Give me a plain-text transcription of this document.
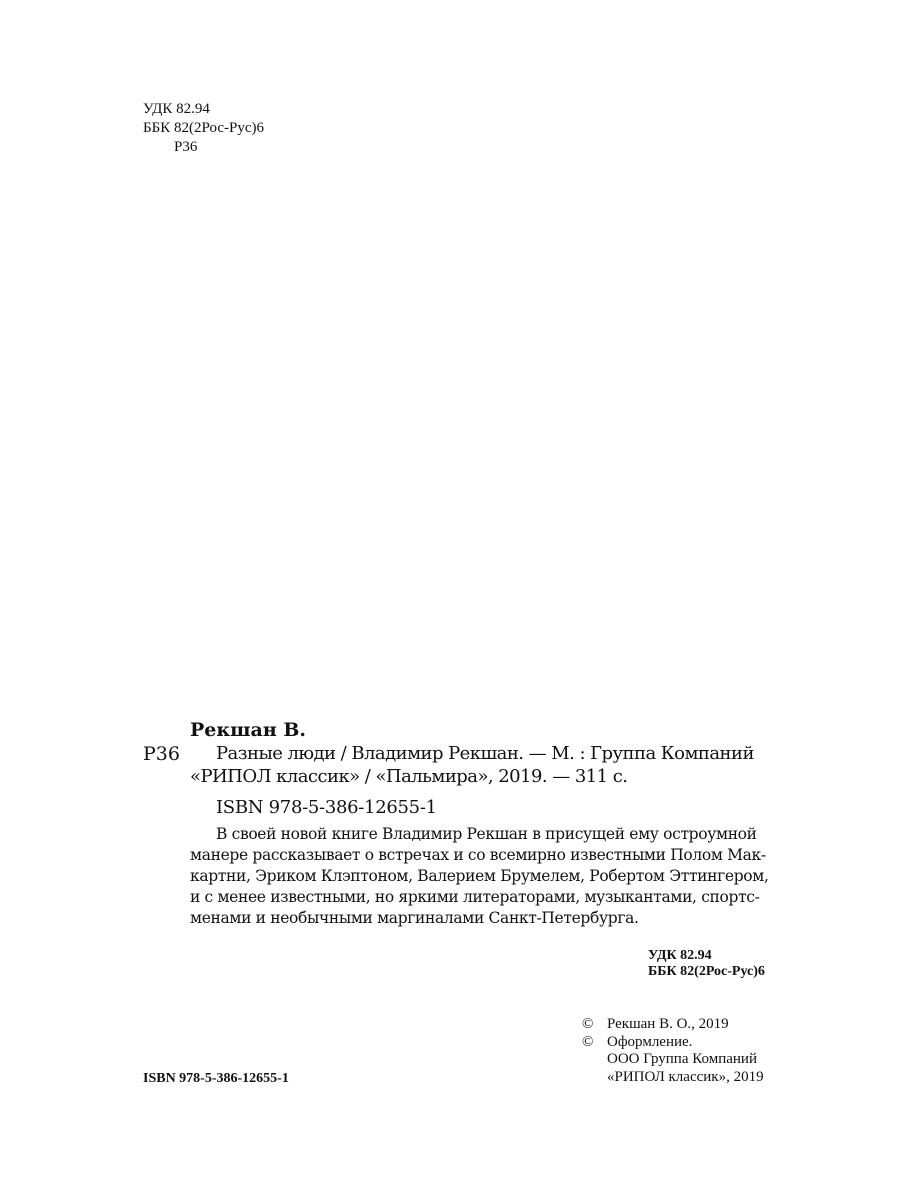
УДК 82.94
ББК 82(2Рос-Рус)6
Р36
Рекшан В.
Р36 Разные люди / Владимир Рекшан. — М. : Группа Компаний
«РИПОЛ классик» / «Пальмира», 2019. — 311 с.
ISBN 978-5-386-12655-1
В своей новой книге Владимир Рекшан в присущей ему остроумной
манере рассказывает о встречах и со всемирно известными Полом Мак-
картни, Эриком Клэптоном, Валерием Брумелем, Робертом Эттингером,
и с менее известными, но яркими литераторами, музыкантами, спортс-
менами и необычными маргиналами Санкт-Петербурга.
УДК 82.94
ББК 82(2Рос-Рус)6
© Рекшан В. О., 2019
© Оформление.
ООО Группа Компаний
«РИПОЛ классик», 2019
ISBN 978-5-386-12655-1
